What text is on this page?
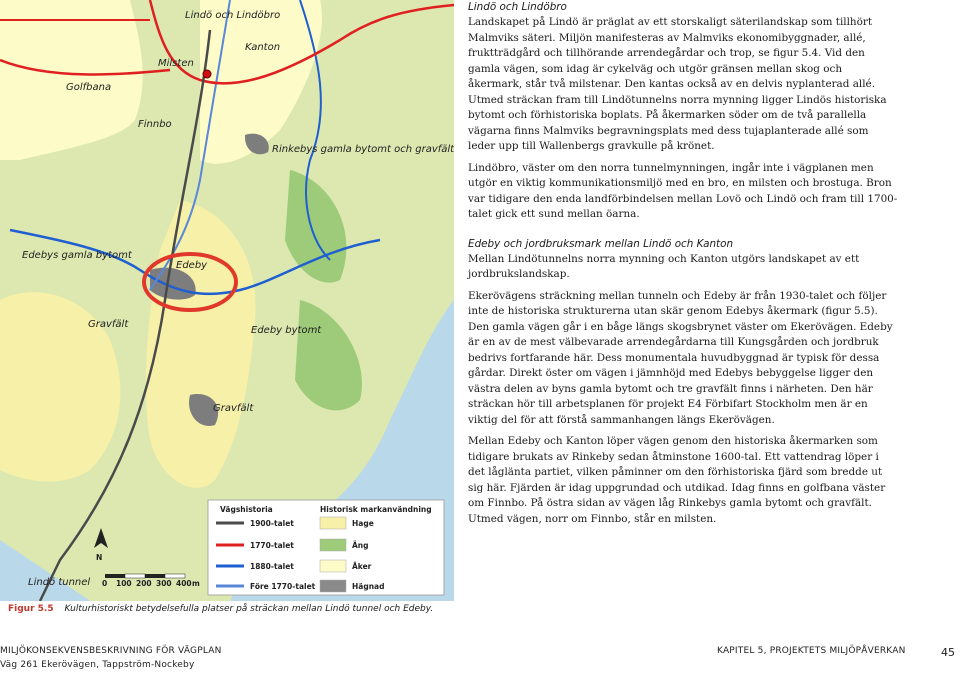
Lindö och Lindöbro
Milsten
Kanton
Golfbana
Finnbo
Rinkebys gamla bytomt och gravfält
Edebys gamla bytomt
Edeby
Gravfält
Edeby bytomt
Gravfält
Lindö tunnel
Vägshistoria	Historisk markanvändning
1900-talet
1770-talet
1880-talet
Före 1770-talet
Hage
Äng
Åker
Hägnad
N
0 100 200 300 400 m
Lindö och Lindöbro

Landskapet på Lindö är präglat av ett storskaligt säterilandskap som tillhört Malmviks säteri. Miljön manifesteras av Malmviks ekonomibyggnader, allé, fruktträdgård och tillhörande arrendegårdar och trop, se figur 5.4. Vid den gamla vägen, som idag är cykelväg och utgör gränsen mellan skog och åkermark, står två milstenar. Den kantas också av en delvis nyplanterad allé. Utmed sträckan fram till Lindötunnelns norra mynning ligger Lindös historiska bytomt och förhistoriska boplats. På åkermarken söder om de två parallella vägarna finns Malmviks begravningsplats med dess tujaplanterade allé som leder upp till Wallenbergs gravkulle på krönet.

Lindöbro, väster om den norra tunnelmynningen, ingår inte i vägplanen men utgör en viktig kommunikationsmiljö med en bro, en milsten och brostuga. Bron var tidigare den enda landförbindelsen mellan Lovö och Lindö och fram till 1700-talet gick ett sund mellan öarna.

Edeby och jordbruksmark mellan Lindö och Kanton

Mellan Lindötunnelns norra mynning och Kanton utgörs landskapet av ett jordbrukslandskap.

Ekerövägens sträckning mellan tunneln och Edeby är från 1930-talet och följer inte de historiska strukturerna utan skär genom Edebys åkermark (figur 5.5). Den gamla vägen går i en båge längs skogsbrynet väster om Ekerövägen. Edeby är en av de mest välbevarade arrendegårdarna till Kungsgården och jordbruk bedrivs fortfarande här. Dess monumentala huvudbyggnad är typisk för dessa gårdar. Direkt öster om vägen i jämnhöjd med Edebys bebyggelse ligger den västra delen av byns gamla bytomt och tre gravfält finns i närheten. Den här sträckan hör till arbetsplanen för projekt E4 Förbifart Stockholm men är en viktig del för att förstå sammanhangen längs Ekerövägen.

Mellan Edeby och Kanton löper vägen genom den historiska åkermarken som tidigare brukats av Rinkeby sedan åtminstone 1600-tal. Ett vattendrag löper i det låglänta partiet, vilken påminner om den förhistoriska fjärd som bredde ut sig här. Fjärden är idag uppgrundad och utdikad. Idag finns en golfbana väster om Finnbo. På östra sidan av vägen låg Rinkebys gamla bytomt och gravfält. Utmed vägen, norr om Finnbo, står en milsten.

Figur 5.5 Kulturhistoriskt betydelsefulla platser på sträckan mellan Lindö tunnel och Edeby.
MILJÖKONSEKVENSBESKRIVNING FÖR VÄGPLAN
Väg 261 Ekerövägen, Tappström-Nockeby
KAPITEL 5, PROJEKTETS MILJÖPÅVERKAN	45
